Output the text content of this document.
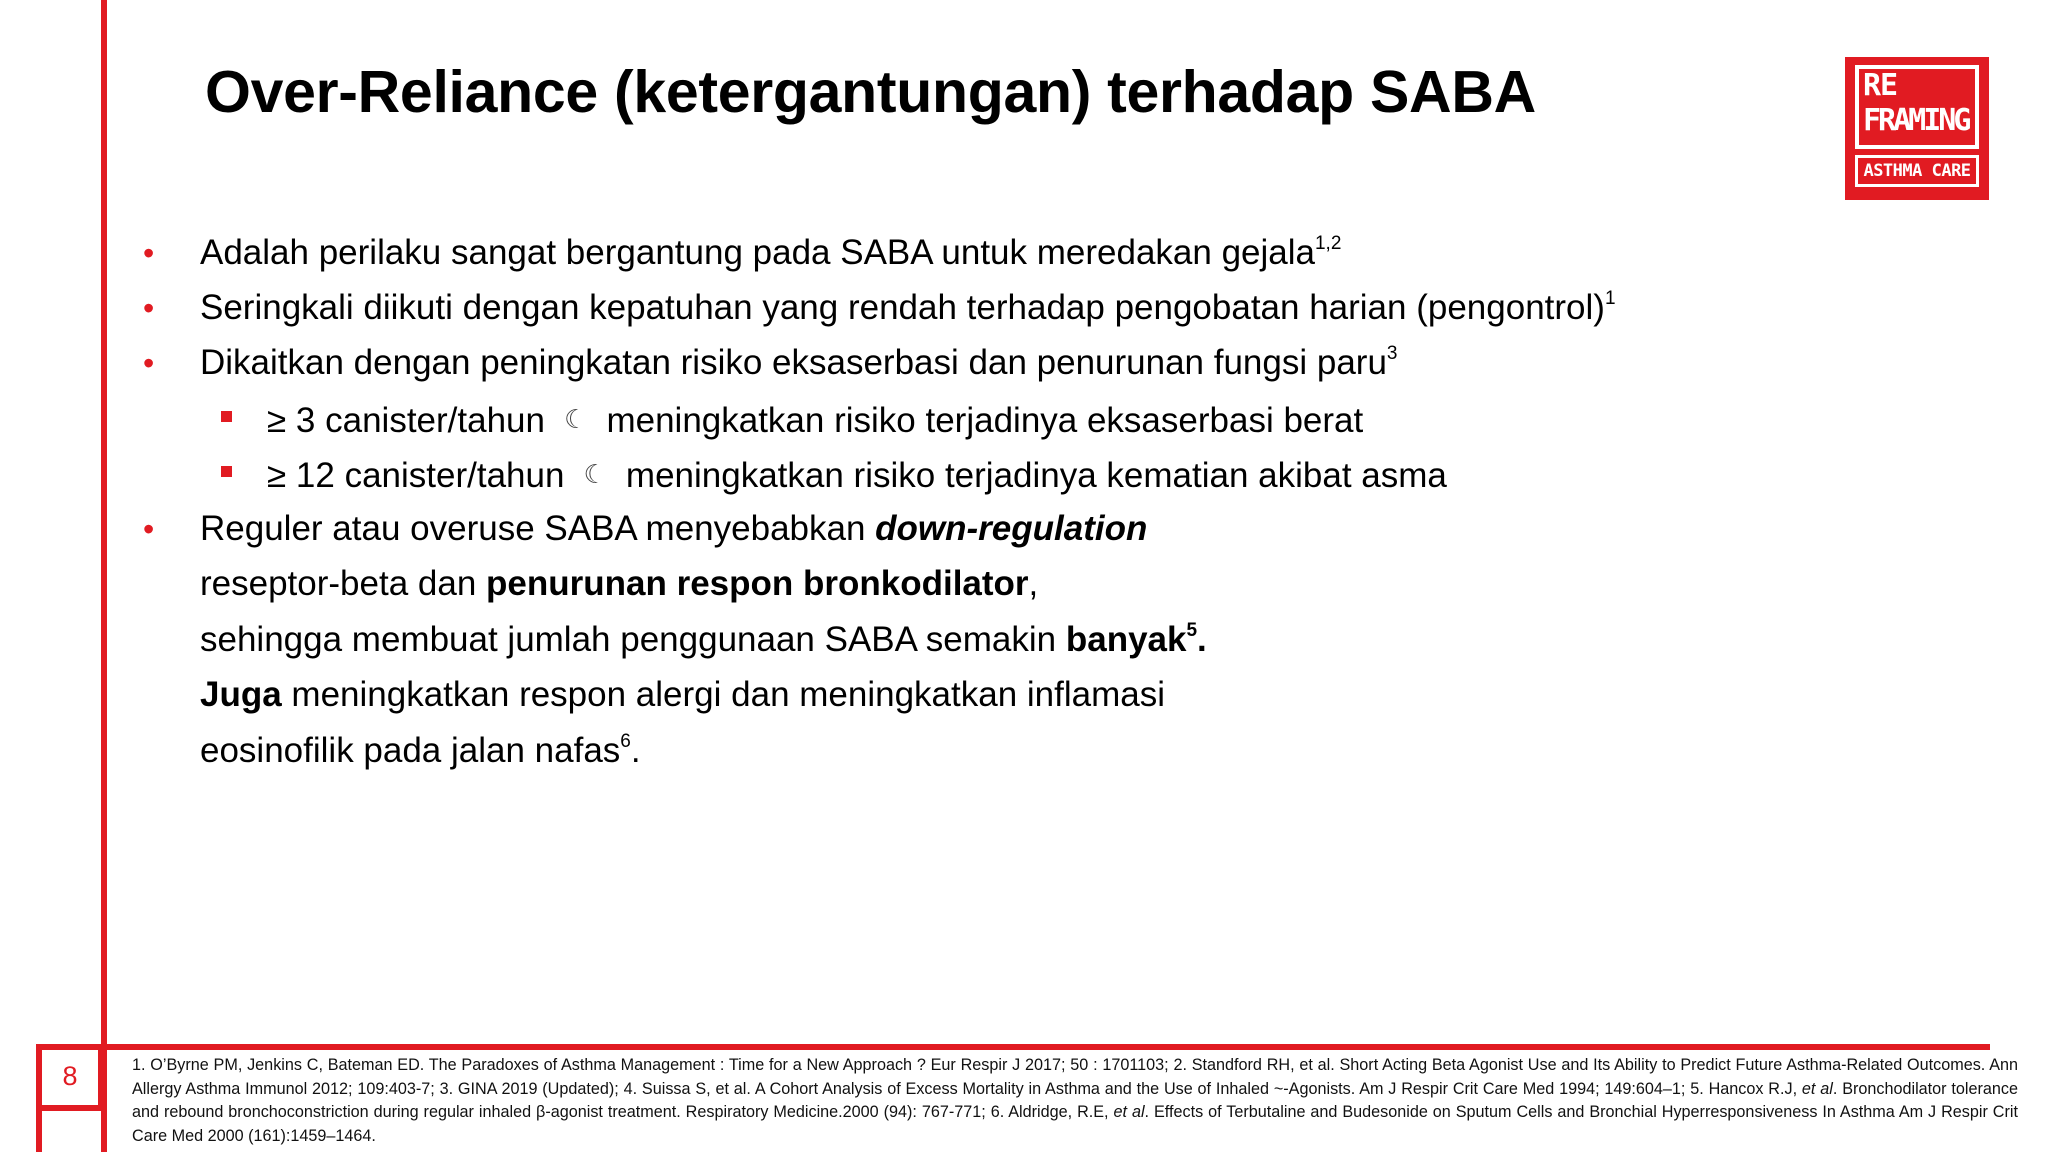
8
Over-Reliance (ketergantungan) terhadap SABA	RE
FRAMING
ASTHMA CARE
• Adalah perilaku sangat bergantung pada SABA untuk meredakan gejala$^{1,2}$
• Seringkali diikuti dengan kepatuhan yang rendah terhadap pengobatan harian (pengontrol)$^1$
• Dikaitkan dengan peningkatan risiko eksaserbasi dan penurunan fungsi paru$^3$
≥ 3 canister/tahun ☾ meningkatkan risiko terjadinya eksaserbasi berat
≥ 12 canister/tahun ☾ meningkatkan risiko terjadinya kematian akibat asma
• Reguler atau overuse SABA menyebabkan down-regulation
reseptor-beta dan penurunan respon bronkodilator,
sehingga membuat jumlah penggunaan SABA semakin banyak$^5$.
Juga meningkatkan respon alergi dan meningkatkan inflamasi
eosinofilik pada jalan nafas$^6$.
1. O’Byrne PM, Jenkins C, Bateman ED. The Paradoxes of Asthma Management : Time for a New Approach ? Eur Respir J 2017; 50 : 1701103; 2. Standford RH, et al. Short Acting Beta Agonist Use and Its Ability to Predict Future Asthma-Related Outcomes. Ann Allergy Asthma Immunol 2012; 109:403-7; 3. GINA 2019 (Updated); 4. Suissa S, et al. A Cohort Analysis of Excess Mortality in Asthma and the Use of Inhaled ~-Agonists. Am J Respir Crit Care Med 1994; 149:604–1; 5. Hancox R.J, et al. Bronchodilator tolerance and rebound bronchoconstriction during regular inhaled β-agonist treatment. Respiratory Medicine.2000 (94): 767-771; 6. Aldridge, R.E, et al. Effects of Terbutaline and Budesonide on Sputum Cells and Bronchial Hyperresponsiveness In Asthma Am J Respir Crit Care Med 2000 (161):1459–1464.
